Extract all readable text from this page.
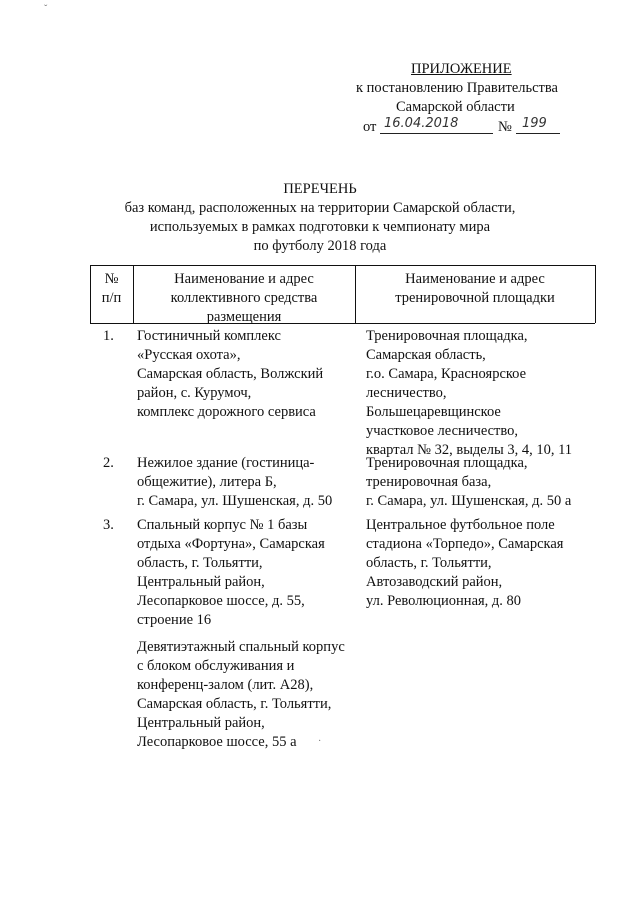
ˇ
·
ПРИЛОЖЕНИЕ
к постановлению Правительства
Самарской области
от 16.04.2018	№ 199
ПЕРЕЧЕНЬ
баз команд, расположенных на территории Самарской области,
используемых в рамках подготовки к чемпионату мира
по футболу 2018 года
№
п/п
Наименование и адрес
коллективного средства
размещения
Наименование и адрес
тренировочной площадки
1. Гостиничный комплекс
«Русская охота»,
Самарская область, Волжский
район, с. Курумоч,
комплекс дорожного сервиса
Тренировочная площадка,
Самарская область,
г.о. Самара, Красноярское
лесничество,
Большецаревщинское
участковое лесничество,
квартал № 32, выделы 3, 4, 10, 11
2. Нежилое здание (гостиница-
общежитие), литера Б,
г. Самара, ул. Шушенская, д. 50
Тренировочная площадка,
тренировочная база,
г. Самара, ул. Шушенская, д. 50 а
3. Спальный корпус № 1 базы
отдыха «Фортуна», Самарская
область, г. Тольятти,
Центральный район,
Лесопарковое шоссе, д. 55,
строение 16
Девятиэтажный спальный корпус
с блоком обслуживания и
конференц-залом (лит. А28),
Самарская область, г. Тольятти,
Центральный район,
Лесопарковое шоссе, 55 а
Центральное футбольное поле
стадиона «Торпедо», Самарская
область, г. Тольятти,
Автозаводский район,
ул. Революционная, д. 80
